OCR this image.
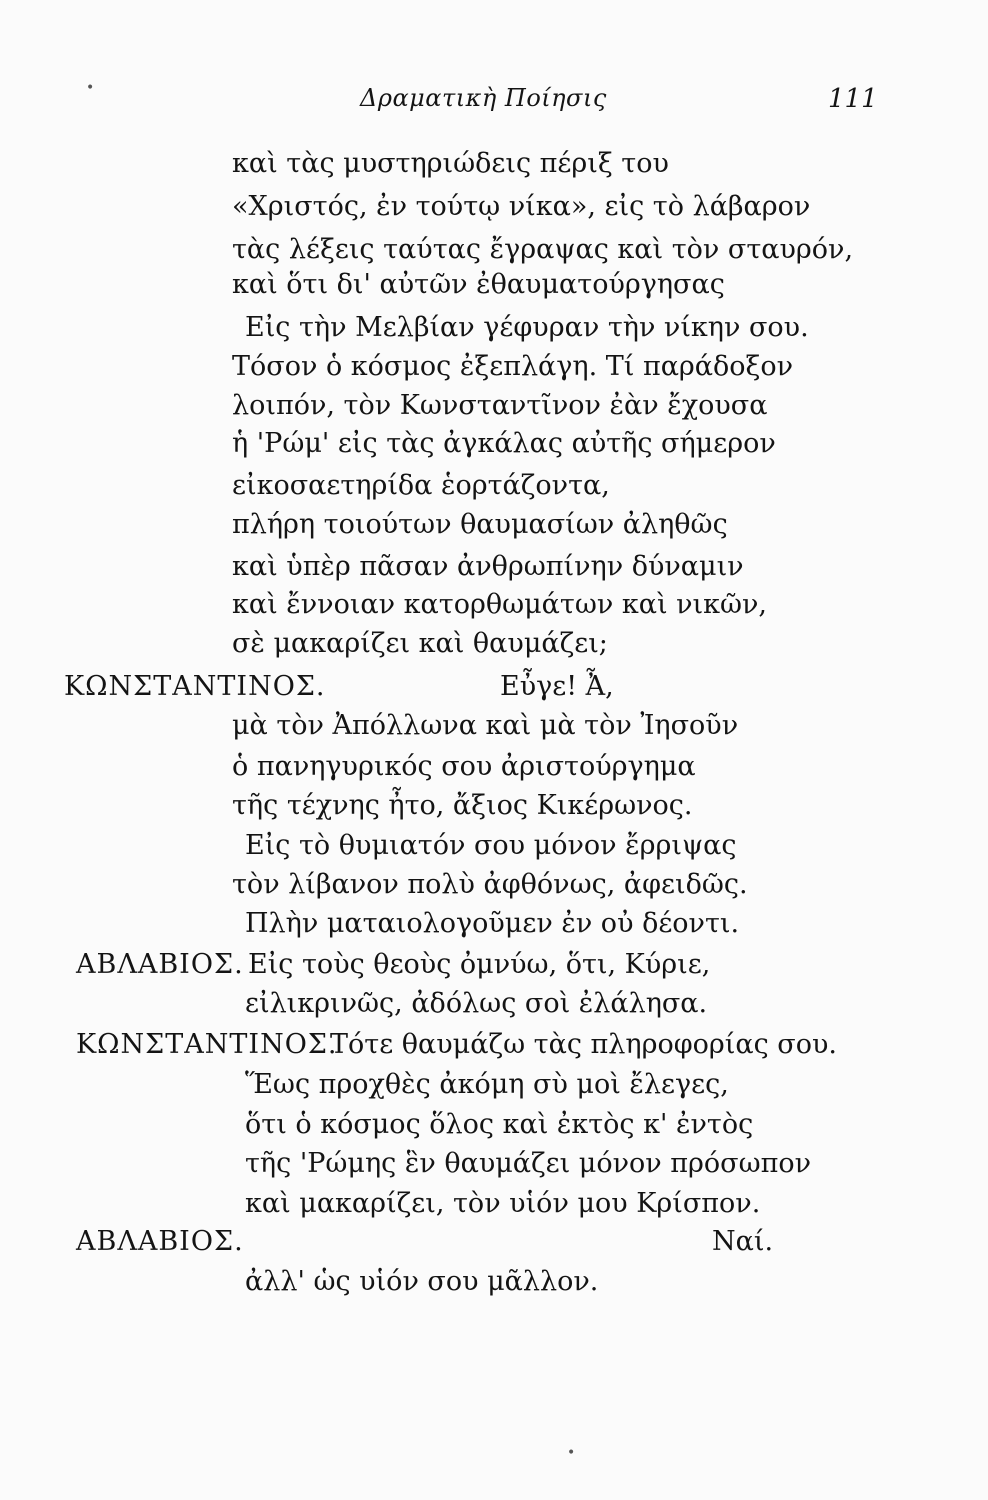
Δραματικὴ Ποίησις	111
καὶ τὰς μυστηριώδεις πέριξ του
«Χριστός, ἐν τούτῳ νίκα», εἰς τὸ λάβαρον
τὰς λέξεις ταύτας ἔγραψας καὶ τὸν σταυρόν,
καὶ ὅτι δι' αὐτῶν ἐθαυματούργησας
Εἰς τὴν Μελβίαν γέφυραν τὴν νίκην σου.
Τόσον ὁ κόσμος ἐξεπλάγη. Τί παράδοξον
λοιπόν, τὸν Κωνσταντῖνον ἐὰν ἔχουσα
ἡ 'Ρώμ' εἰς τὰς ἀγκάλας αὐτῆς σήμερον
εἰκοσαετηρίδα ἑορτάζοντα,
πλήρη τοιούτων θαυμασίων ἀληθῶς
καὶ ὑπὲρ πᾶσαν ἀνθρωπίνην δύναμιν
καὶ ἔννοιαν κατορθωμάτων καὶ νικῶν,
σὲ μακαρίζει καὶ θαυμάζει;
ΚΩΝΣΤΑΝΤΙΝΟΣ.	Εὖγε! Ἆ,
μὰ τὸν Ἀπόλλωνα καὶ μὰ τὸν Ἰησοῦν
ὁ πανηγυρικός σου ἀριστούργημα
τῆς τέχνης ἦτο, ἄξιος Κικέρωνος.
Εἰς τὸ θυμιατόν σου μόνον ἔρριψας
τὸν λίβανον πολὺ ἀφθόνως, ἀφειδῶς.
Πλὴν ματαιολογοῦμεν ἐν οὐ δέοντι.
ΑΒΛΑΒΙΟΣ. Εἰς τοὺς θεοὺς ὀμνύω, ὅτι, Κύριε,
εἰλικρινῶς, ἀδόλως σοὶ ἐλάλησα.
ΚΩΝΣΤΑΝΤΙΝΟΣ.
Τότε θαυμάζω τὰς πληροφορίας σου.
Ἕως προχθὲς ἀκόμη σὺ μοὶ ἔλεγες,
ὅτι ὁ κόσμος ὅλος καὶ ἐκτὸς κ' ἐντὸς
τῆς 'Ρώμης ἓν θαυμάζει μόνον πρόσωπον
καὶ μακαρίζει, τὸν υἱόν μου Κρίσπον.
ΑΒΛΑΒΙΟΣ.	Ναί.
ἀλλ' ὡς υἱόν σου μᾶλλον.
•
•
